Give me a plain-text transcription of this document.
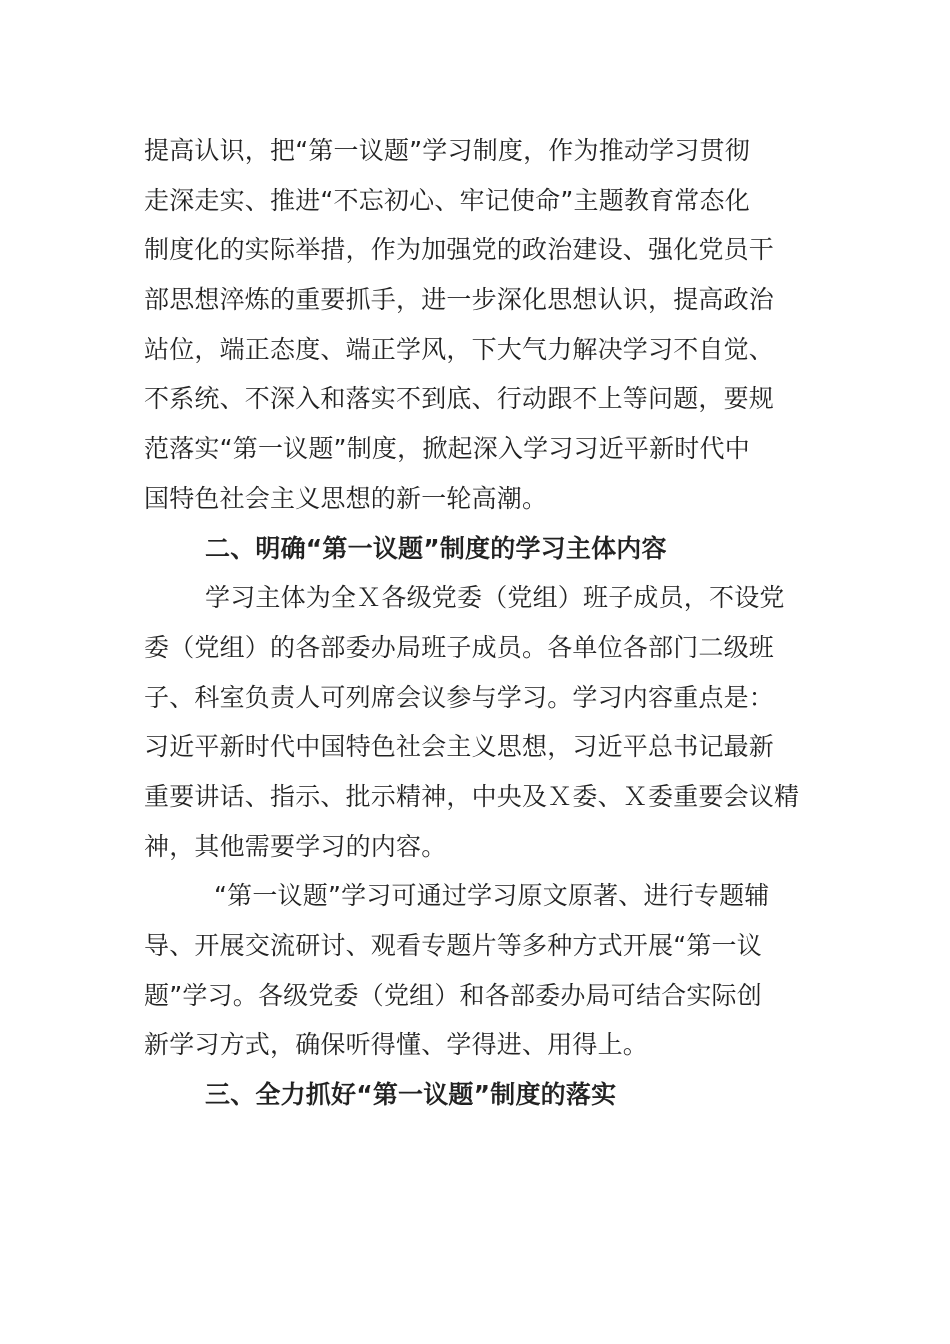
提高认识，把“第一议题”学习制度，作为推动学习贯彻
走深走实、推进“不忘初心、牢记使命”主题教育常态化
制度化的实际举措，作为加强党的政治建设、强化党员干
部思想淬炼的重要抓手，进一步深化思想认识，提高政治
站位，端正态度、端正学风，下大气力解决学习不自觉、
不系统、不深入和落实不到底、行动跟不上等问题，要规
范落实“第一议题”制度，掀起深入学习习近平新时代中
国特色社会主义思想的新一轮高潮。
二、明确“第一议题”制度的学习主体内容
学习主体为全Ｘ各级党委（党组）班子成员，不设党
委（党组）的各部委办局班子成员。各单位各部门二级班
子、科室负责人可列席会议参与学习。学习内容重点是：
习近平新时代中国特色社会主义思想，习近平总书记最新
重要讲话、指示、批示精神，中央及Ｘ委、Ｘ委重要会议精
神，其他需要学习的内容。
“第一议题”学习可通过学习原文原著、进行专题辅
导、开展交流研讨、观看专题片等多种方式开展“第一议
题”学习。各级党委（党组）和各部委办局可结合实际创
新学习方式，确保听得懂、学得进、用得上。
三、全力抓好“第一议题”制度的落实
